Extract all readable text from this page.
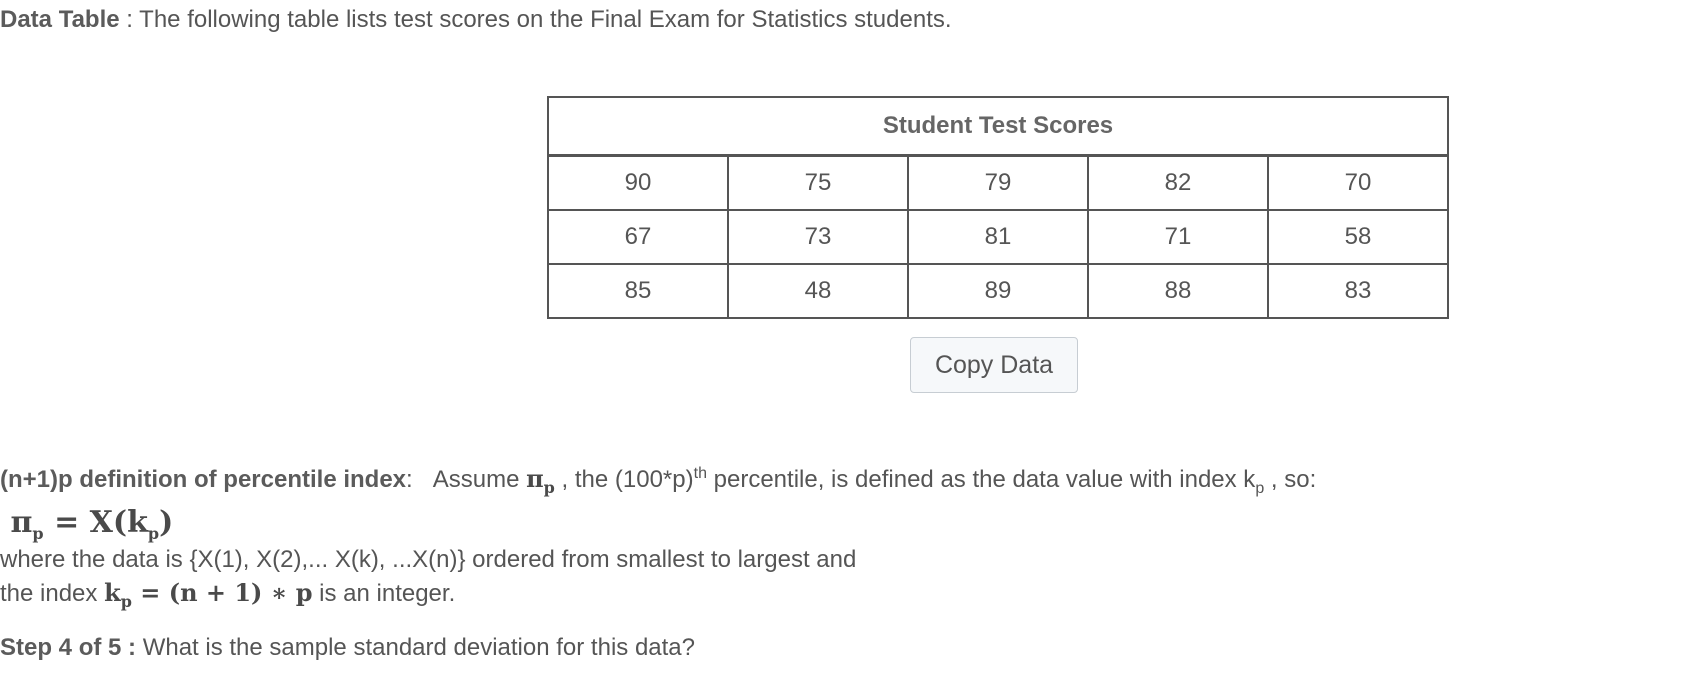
Data Table : The following table lists test scores on the Final Exam for Statistics students.
Student Test Scores				
90	75	79	82	70
67	73	81	71	58
85	48	89	88	83
Copy Data
(n+1)p definition of percentile index: Assume $\pi_p$ , the $(100*p)^{th}$ percentile, is defined as the data value with index $k_p$ , so:
$\pi_p = X(k_p)$
where the data is {X(1), X(2),... X(k), ...X(n)} ordered from smallest to largest and
the index $k_p = (n + 1)$ ∗ p is an integer.
Step 4 of 5 : What is the sample standard deviation for this data?
